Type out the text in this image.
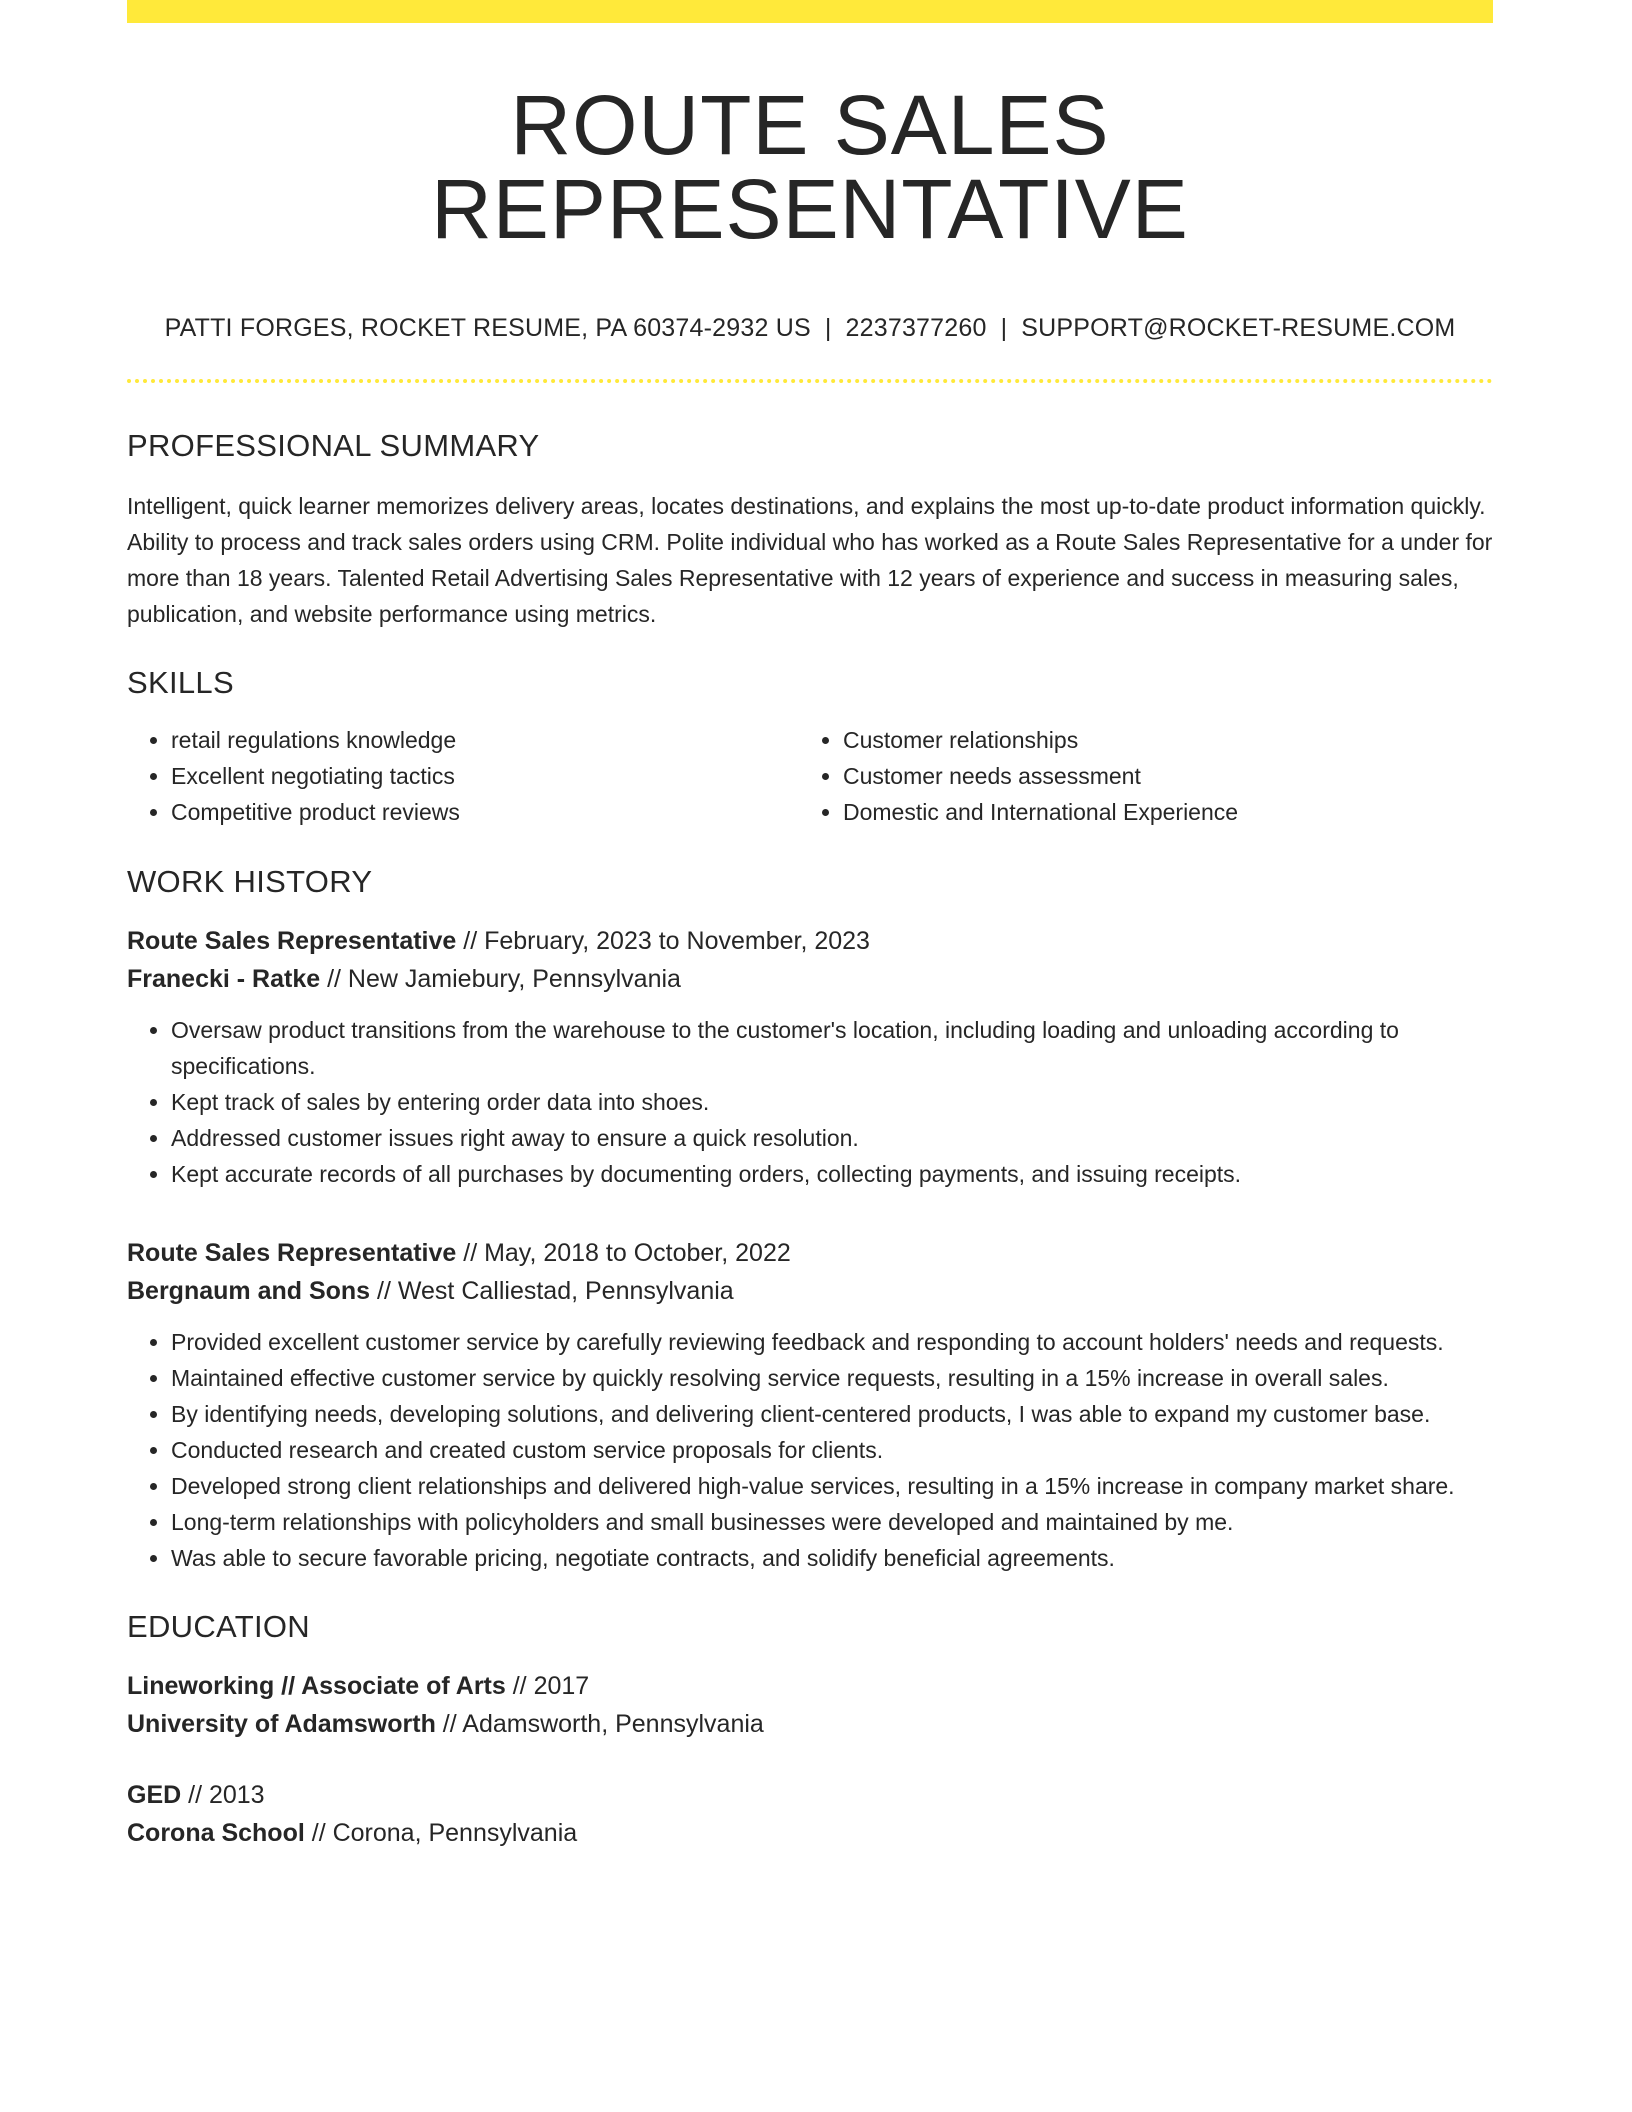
ROUTE SALES REPRESENTATIVE
PATTI FORGES, ROCKET RESUME, PA 60374-2932 US | 2237377260 | SUPPORT@ROCKET-RESUME.COM
PROFESSIONAL SUMMARY

Intelligent, quick learner memorizes delivery areas, locates destinations, and explains the most up-to-date product information quickly. Ability to process and track sales orders using CRM. Polite individual who has worked as a Route Sales Representative for a under for more than 18 years. Talented Retail Advertising Sales Representative with 12 years of experience and success in measuring sales, publication, and website performance using metrics.

SKILLS
• retail regulations knowledge
• Excellent negotiating tactics
• Competitive product reviews
• Customer relationships
• Customer needs assessment
• Domestic and International Experience
WORK HISTORY
Route Sales Representative // February, 2023 to November, 2023
Franecki - Ratke // New Jamiebury, Pennsylvania
• Oversaw product transitions from the warehouse to the customer's location, including loading and unloading according to specifications.
• Kept track of sales by entering order data into shoes.
• Addressed customer issues right away to ensure a quick resolution.
• Kept accurate records of all purchases by documenting orders, collecting payments, and issuing receipts.
Route Sales Representative // May, 2018 to October, 2022
Bergnaum and Sons // West Calliestad, Pennsylvania
• Provided excellent customer service by carefully reviewing feedback and responding to account holders' needs and requests.
• Maintained effective customer service by quickly resolving service requests, resulting in a 15% increase in overall sales.
• By identifying needs, developing solutions, and delivering client-centered products, I was able to expand my customer base.
• Conducted research and created custom service proposals for clients.
• Developed strong client relationships and delivered high-value services, resulting in a 15% increase in company market share.
• Long-term relationships with policyholders and small businesses were developed and maintained by me.
• Was able to secure favorable pricing, negotiate contracts, and solidify beneficial agreements.
EDUCATION
Lineworking // Associate of Arts // 2017
University of Adamsworth // Adamsworth, Pennsylvania
GED // 2013
Corona School // Corona, Pennsylvania
